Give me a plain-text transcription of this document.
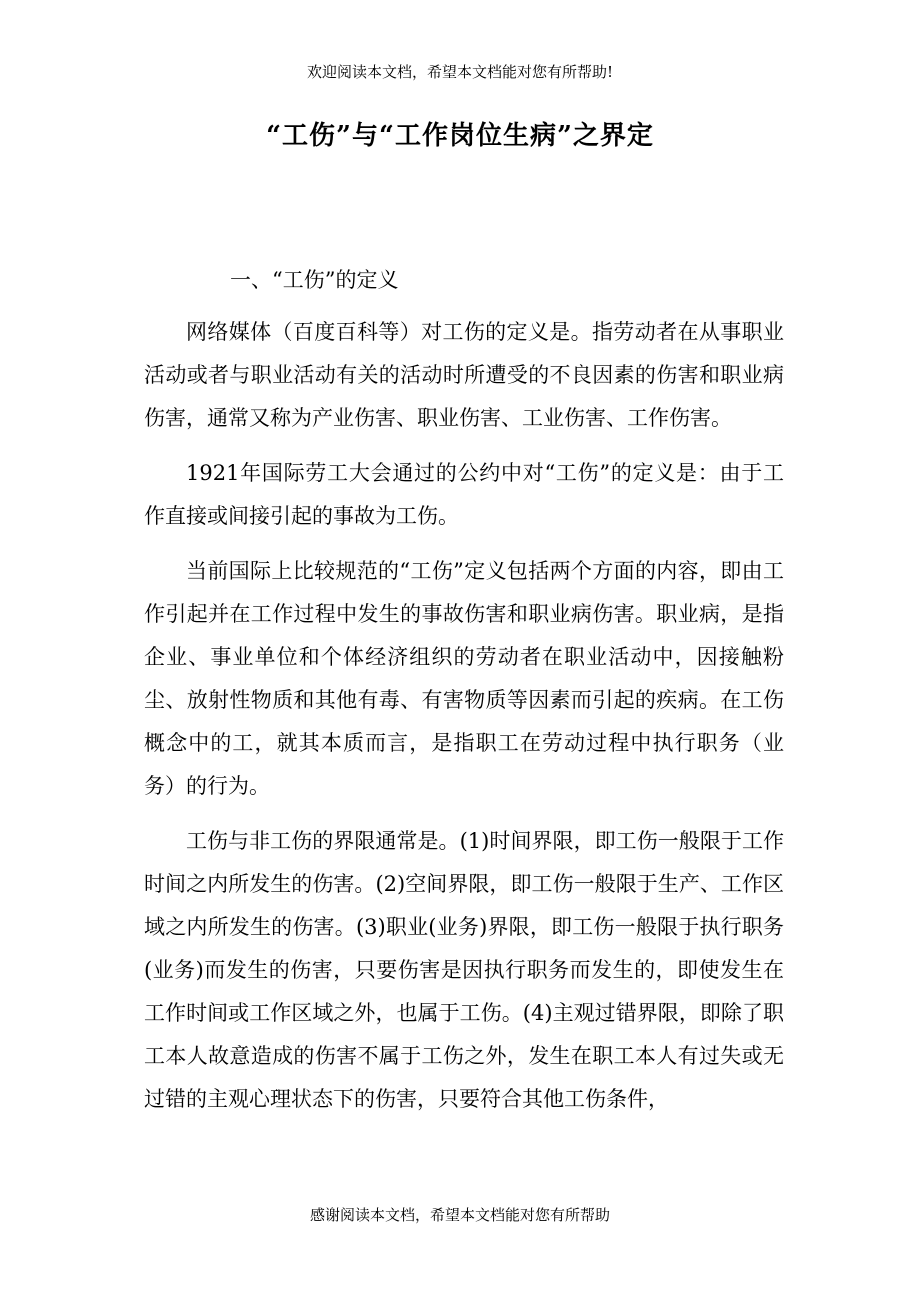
欢迎阅读本文档，希望本文档能对您有所帮助!
“工伤”与“工作岗位生病”之界定
一、“工伤”的定义

网络媒体（百度百科等）对工伤的定义是。指劳动者在从事职业活动或者与职业活动有关的活动时所遭受的不良因素的伤害和职业病伤害，通常又称为产业伤害、职业伤害、工业伤害、工作伤害。

1921年国际劳工大会通过的公约中对“工伤”的定义是：由于工作直接或间接引起的事故为工伤。

当前国际上比较规范的“工伤”定义包括两个方面的内容，即由工作引起并在工作过程中发生的事故伤害和职业病伤害。职业病，是指企业、事业单位和个体经济组织的劳动者在职业活动中，因接触粉尘、放射性物质和其他有毒、有害物质等因素而引起的疾病。在工伤概念中的工，就其本质而言，是指职工在劳动过程中执行职务（业务）的行为。

工伤与非工伤的界限通常是。(1)时间界限，即工伤一般限于工作时间之内所发生的伤害。(2)空间界限，即工伤一般限于生产、工作区域之内所发生的伤害。(3)职业(业务)界限，即工伤一般限于执行职务(业务)而发生的伤害，只要伤害是因执行职务而发生的，即使发生在工作时间或工作区域之外，也属于工伤。(4)主观过错界限，即除了职工本人故意造成的伤害不属于工伤之外，发生在职工本人有过失或无过错的主观心理状态下的伤害，只要符合其他工伤条件，

感谢阅读本文档，希望本文档能对您有所帮助
